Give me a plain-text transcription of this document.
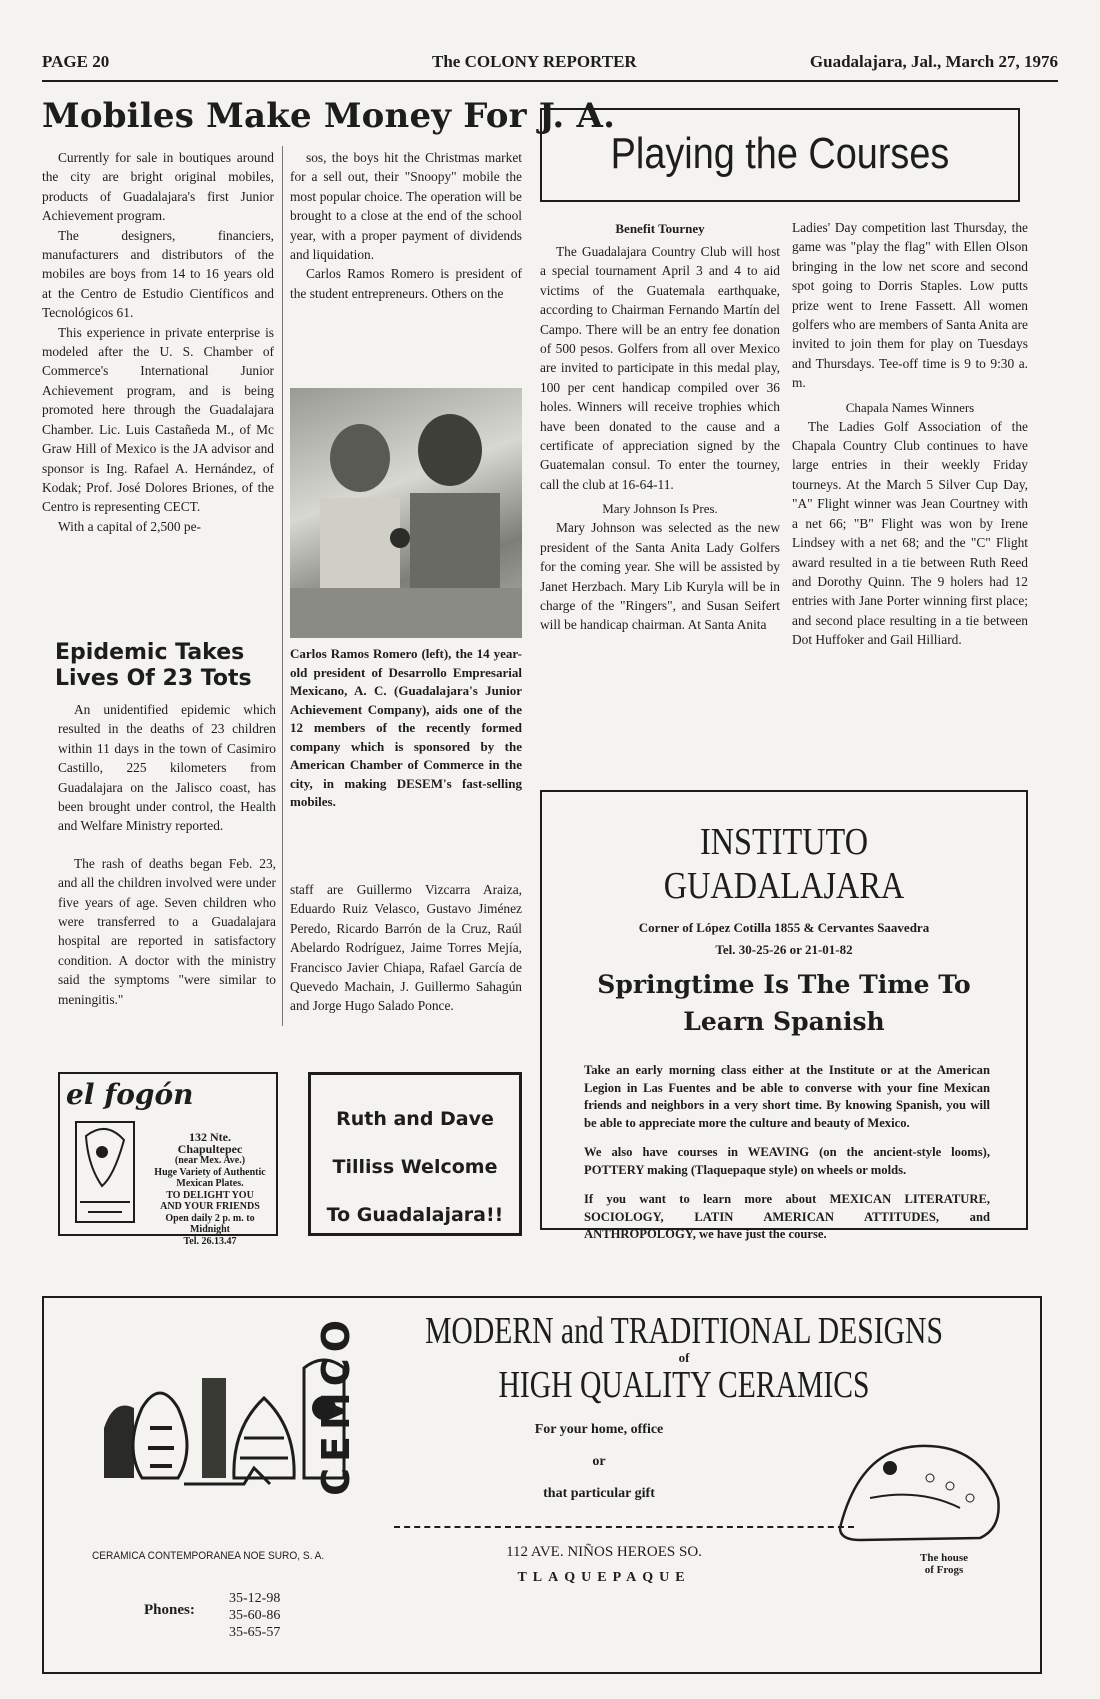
PAGE 20	The COLONY REPORTER	Guadalajara, Jal., March 27, 1976
Mobiles Make Money For J. A.

Currently for sale in boutiques around the city are bright original mobiles, products of Guadalajara's first Junior Achievement program.

The designers, financiers, manufacturers and distributors of the mobiles are boys from 14 to 16 years old at the Centro de Estudio Científicos and Tecnológicos 61.

This experience in private enterprise is modeled after the U. S. Chamber of Commerce's International Junior Achievement program, and is being promoted here through the Guadalajara Chamber. Lic. Luis Castañeda M., of Mc Graw Hill of Mexico is the JA advisor and sponsor is Ing. Rafael A. Hernández, of Kodak; Prof. José Dolores Briones, of the Centro is representing CECT.

With a capital of 2,500 pe-

sos, the boys hit the Christmas market for a sell out, their "Snoopy" mobile the most popular choice. The operation will be brought to a close at the end of the school year, with a proper payment of dividends and liquidation.

Carlos Ramos Romero is president of the student entrepreneurs. Others on the

Carlos Ramos Romero (left), the 14 year-old president of Desarrollo Empresarial Mexicano, A. C. (Guadalajara's Junior Achievement Company), aids one of the 12 members of the recently formed company which is sponsored by the American Chamber of Commerce in the city, in making DESEM's fast-selling mobiles.

staff are Guillermo Vizcarra Araiza, Eduardo Ruiz Velasco, Gustavo Jiménez Peredo, Ricardo Barrón de la Cruz, Raúl Abelardo Rodríguez, Jaime Torres Mejía, Francisco Javier Chiapa, Rafael García de Quevedo Machain, J. Guillermo Sahagún and Jorge Hugo Salado Ponce.

Epidemic Takes
Lives Of 23 Tots

An unidentified epidemic which resulted in the deaths of 23 children within 11 days in the town of Casimiro Castillo, 225 kilometers from Guadalajara on the Jalisco coast, has been brought under control, the Health and Welfare Ministry reported.

The rash of deaths began Feb. 23, and all the children involved were under five years of age. Seven children who were transferred to a Guadalajara hospital are reported in satisfactory condition. A doctor with the ministry said the symptoms "were similar to meningitis."

Playing the Courses
Benefit Tourney

The Guadalajara Country Club will host a special tournament April 3 and 4 to aid victims of the Guatemala earthquake, according to Chairman Fernando Martín del Campo. There will be an entry fee donation of 500 pesos. Golfers from all over Mexico are invited to participate in this medal play, 100 per cent handicap compiled over 36 holes. Winners will receive trophies which have been donated to the cause and a certificate of appreciation signed by the Guatemalan consul. To enter the tourney, call the club at 16-64-11.

Mary Johnson Is Pres.

Mary Johnson was selected as the new president of the Santa Anita Lady Golfers for the coming year. She will be assisted by Janet Herzbach. Mary Lib Kuryla will be in charge of the "Ringers", and Susan Seifert will be handicap chairman. At Santa Anita

Ladies' Day competition last Thursday, the game was "play the flag" with Ellen Olson bringing in the low net score and second spot going to Dorris Staples. Low putts prize went to Irene Fassett. All women golfers who are members of Santa Anita are invited to join them for play on Tuesdays and Thursdays. Tee-off time is 9 to 9:30 a. m.

Chapala Names Winners

The Ladies Golf Association of the Chapala Country Club continues to have large entries in their weekly Friday tourneys. At the March 5 Silver Cup Day, "A" Flight winner was Jean Courtney with a net 66; "B" Flight was won by Irene Lindsey with a net 68; and the "C" Flight award resulted in a tie between Ruth Reed and Dorothy Quinn. The 9 holers had 12 entries with Jane Porter winning first place; and second place resulting in a tie between Dot Huffoker and Gail Hilliard.

INSTITUTO GUADALAJARA
Corner of López Cotilla 1855 & Cervantes Saavedra
Tel. 30-25-26 or 21-01-82
Springtime Is The Time To
Learn Spanish

Take an early morning class either at the Institute or at the American Legion in Las Fuentes and be able to converse with your fine Mexican friends and neighbors in a very short time. By knowing Spanish, you will be able to appreciate more the culture and beauty of Mexico.

We also have courses in WEAVING (on the ancient-style looms), POTTERY making (Tlaquepaque style) on wheels or molds.

If you want to learn more about MEXICAN LITERATURE, SOCIOLOGY, LATIN AMERICAN ATTITUDES, and ANTHROPOLOGY, we have just the course.

el fogón
132 Nte.
Chapultepec
(near Mex. Ave.)
Huge Variety of Authentic
Mexican Plates.
TO DELIGHT YOU
AND YOUR FRIENDS
Open daily 2 p. m. to
Midnight
Tel. 26.13.47
Ruth and Dave
Tilliss Welcome
To Guadalajara!!
CEMCO
CERAMICA CONTEMPORANEA NOE SURO, S. A.
Phones:
35-12-98
35-60-86
35-65-57
MODERN and TRADITIONAL DESIGNS
of
HIGH QUALITY CERAMICS
For your home, office
or
that particular gift
112 AVE. NIÑOS HEROES SO.
TLAQUEPAQUE
The house
of Frogs
